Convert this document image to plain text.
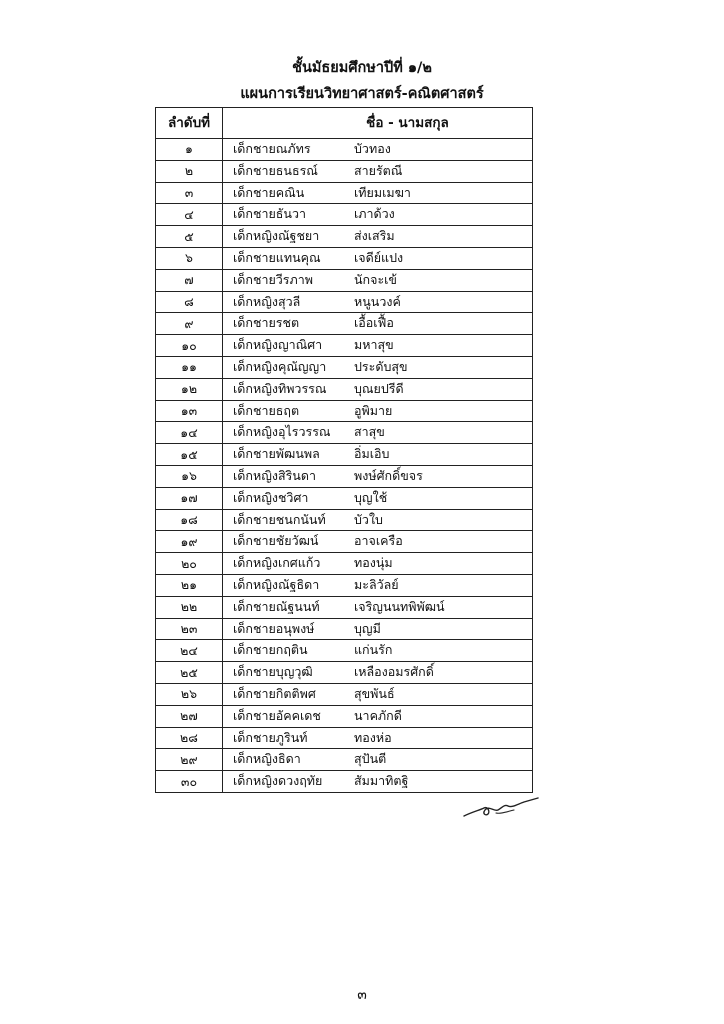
ชั้นมัธยมศึกษาปีที่ ๑/๒
แผนการเรียนวิทยาศาสตร์-คณิตศาสตร์
ลำดับที่	ชื่อ - นามสกุล
๑	เด็กชายณภัทร บัวทอง

๒	เด็กชายธนธรณ์ สายรัตณี

๓	เด็กชายคณิน เทียมเมฆา

๔	เด็กชายธันวา เภาด้วง

๕	เด็กหญิงณัฐชยา ส่งเสริม

๖	เด็กชายแทนคุณ เจดีย์แปง

๗	เด็กชายวีรภาพ นักจะเข้

๘	เด็กหญิงสุวลี หนูนวงค์

๙	เด็กชายรชต เอื้อเฟื้อ

๑๐	เด็กหญิงญาณิศา มหาสุข

๑๑	เด็กหญิงคุณัญญา ประดับสุข

๑๒	เด็กหญิงทิพวรรณ บุณยปรีดี

๑๓	เด็กชายธฤต อูพิมาย

๑๔	เด็กหญิงอุไรวรรณ สาสุข

๑๕	เด็กชายพัฒนพล อิ่มเอิบ

๑๖	เด็กหญิงสิรินดา พงษ์ศักดิ์ขจร

๑๗	เด็กหญิงชวิศา บุญใช้

๑๘	เด็กชายชนกนันท์ บัวใบ

๑๙	เด็กชายชัยวัฒน์ อาจเครือ

๒๐	เด็กหญิงเกศแก้ว ทองนุ่ม

๒๑	เด็กหญิงณัฐธิดา มะลิวัลย์

๒๒	เด็กชายณัฐนนท์ เจริญนนทพิพัฒน์

๒๓	เด็กชายอนุพงษ์ บุญมี

๒๔	เด็กชายกฤติน แก่นรัก

๒๕	เด็กชายบุญวุฒิ เหลืองอมรศักดิ์

๒๖	เด็กชายกิตติพศ สุขพันธ์

๒๗	เด็กชายอัคคเดช นาคภักดี

๒๘	เด็กชายภูรินท์ ทองห่อ

๒๙	เด็กหญิงธิดา สุปันตี

๓๐	เด็กหญิงดวงฤทัย สัมมาทิตฐิ
๓
